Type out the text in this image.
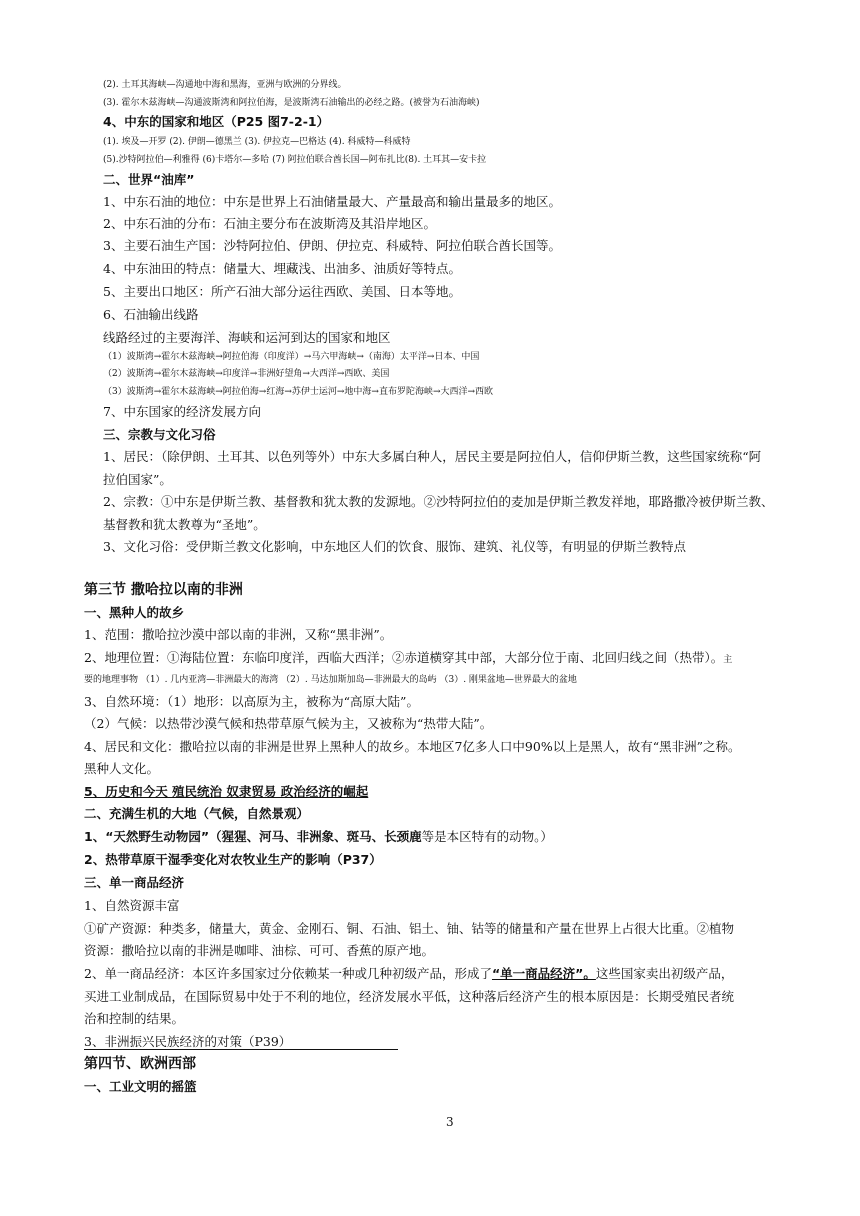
(2). 土耳其海峡—沟通地中海和黑海，亚洲与欧洲的分界线。
(3). 霍尔木兹海峡—沟通波斯湾和阿拉伯海，是波斯湾石油输出的必经之路。(被誉为石油海峡)
4、中东的国家和地区（P25 图7-2-1）
(1). 埃及—开罗 (2). 伊朗—德黑兰 (3). 伊拉克—巴格达 (4). 科威特—科威特
(5).沙特阿拉伯—利雅得 (6)卡塔尔—多哈 (7) 阿拉伯联合酋长国—阿布扎比(8). 土耳其—安卡拉
二、世界“油库”
1、中东石油的地位：中东是世界上石油储量最大、产量最高和输出量最多的地区。
2、中东石油的分布：石油主要分布在波斯湾及其沿岸地区。
3、主要石油生产国：沙特阿拉伯、伊朗、伊拉克、科威特、阿拉伯联合酋长国等。
4、中东油田的特点：储量大、埋藏浅、出油多、油质好等特点。
5、主要出口地区：所产石油大部分运往西欧、美国、日本等地。
6、石油输出线路
线路经过的主要海洋、海峡和运河到达的国家和地区
（1）波斯湾→霍尔木兹海峡→阿拉伯海（印度洋）→马六甲海峡→（南海）太平洋→日本、中国
（2）波斯湾→霍尔木兹海峡→印度洋→非洲好望角→大西洋→西欧、美国
（3）波斯湾→霍尔木兹海峡→阿拉伯海→红海→苏伊士运河→地中海→直布罗陀海峡→大西洋→西欧
7、中东国家的经济发展方向
三、宗教与文化习俗
1、居民：（除伊朗、土耳其、以色列等外）中东大多属白种人，居民主要是阿拉伯人，信仰伊斯兰教，这些国家统称“阿
拉伯国家”。
2、宗教：①中东是伊斯兰教、基督教和犹太教的发源地。②沙特阿拉伯的麦加是伊斯兰教发祥地，耶路撒冷被伊斯兰教、
基督教和犹太教尊为“圣地”。
3、文化习俗：受伊斯兰教文化影响，中东地区人们的饮食、服饰、建筑、礼仪等，有明显的伊斯兰教特点
第三节 撒哈拉以南的非洲
一、黑种人的故乡
1、范围：撒哈拉沙漠中部以南的非洲，又称“黑非洲”。
2、地理位置：①海陆位置：东临印度洋，西临大西洋；②赤道横穿其中部，大部分位于南、北回归线之间（热带）。主
要的地理事物 （1）. 几内亚湾—非洲最大的海湾 （2）. 马达加斯加岛—非洲最大的岛屿 （3）. 刚果盆地—世界最大的盆地
3、自然环境：（1）地形：以高原为主，被称为“高原大陆”。
（2）气候：以热带沙漠气候和热带草原气候为主，又被称为“热带大陆”。
4、居民和文化：撒哈拉以南的非洲是世界上黑种人的故乡。本地区7亿多人口中90%以上是黑人，故有“黑非洲”之称。
黑种人文化。
5、历史和今天 殖民统治 奴隶贸易 政治经济的崛起
二、充满生机的大地（气候，自然景观）
1、“天然野生动物园”（猩猩、河马、非洲象、斑马、长颈鹿等是本区特有的动物。）
2、热带草原干湿季变化对农牧业生产的影响（P37）
三、单一商品经济
1、自然资源丰富
①矿产资源：种类多，储量大，黄金、金刚石、铜、石油、铝土、铀、钴等的储量和产量在世界上占很大比重。②植物
资源：撒哈拉以南的非洲是咖啡、油棕、可可、香蕉的原产地。
2、单一商品经济：本区许多国家过分依赖某一种或几种初级产品，形成了“单一商品经济”。这些国家卖出初级产品，
买进工业制成品，在国际贸易中处于不利的地位，经济发展水平低，这种落后经济产生的根本原因是：长期受殖民者统
治和控制的结果。
3、非洲振兴民族经济的对策（P39）
第四节、欧洲西部
一、工业文明的摇篮
3
